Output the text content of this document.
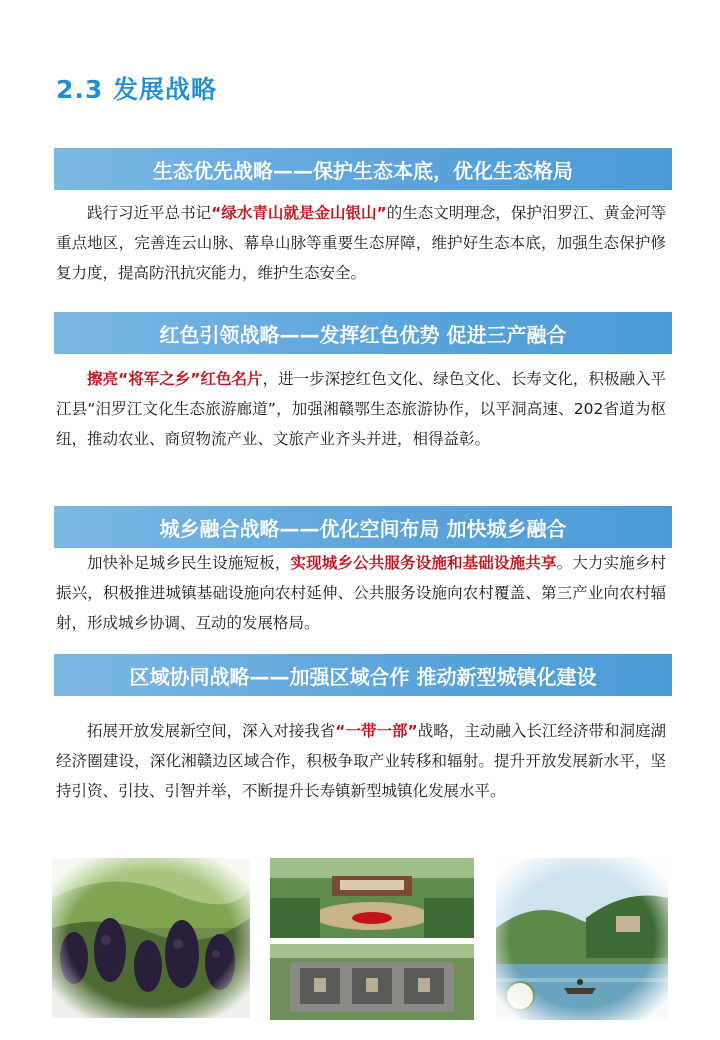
2.3 发展战略
生态优先战略——保护生态本底，优化生态格局

践行习近平总书记“绿水青山就是金山银山”的生态文明理念，保护汨罗江、黄金河等重点地区，完善连云山脉、幕阜山脉等重要生态屏障，维护好生态本底，加强生态保护修复力度，提高防汛抗灾能力，维护生态安全。

红色引领战略——发挥红色优势 促进三产融合

擦亮“将军之乡”红色名片，进一步深挖红色文化、绿色文化、长寿文化，积极融入平江县“汨罗江文化生态旅游廊道”，加强湘赣鄂生态旅游协作，以平洞高速、202省道为枢纽，推动农业、商贸物流产业、文旅产业齐头并进，相得益彰。

城乡融合战略——优化空间布局 加快城乡融合

加快补足城乡民生设施短板，实现城乡公共服务设施和基础设施共享。大力实施乡村振兴，积极推进城镇基础设施向农村延伸、公共服务设施向农村覆盖、第三产业向农村辐射，形成城乡协调、互动的发展格局。

区域协同战略——加强区域合作 推动新型城镇化建设

拓展开放发展新空间，深入对接我省“一带一部”战略，主动融入长江经济带和洞庭湖经济圈建设，深化湘赣边区域合作，积极争取产业转移和辐射。提升开放发展新水平，坚持引资、引技、引智并举，不断提升长寿镇新型城镇化发展水平。
